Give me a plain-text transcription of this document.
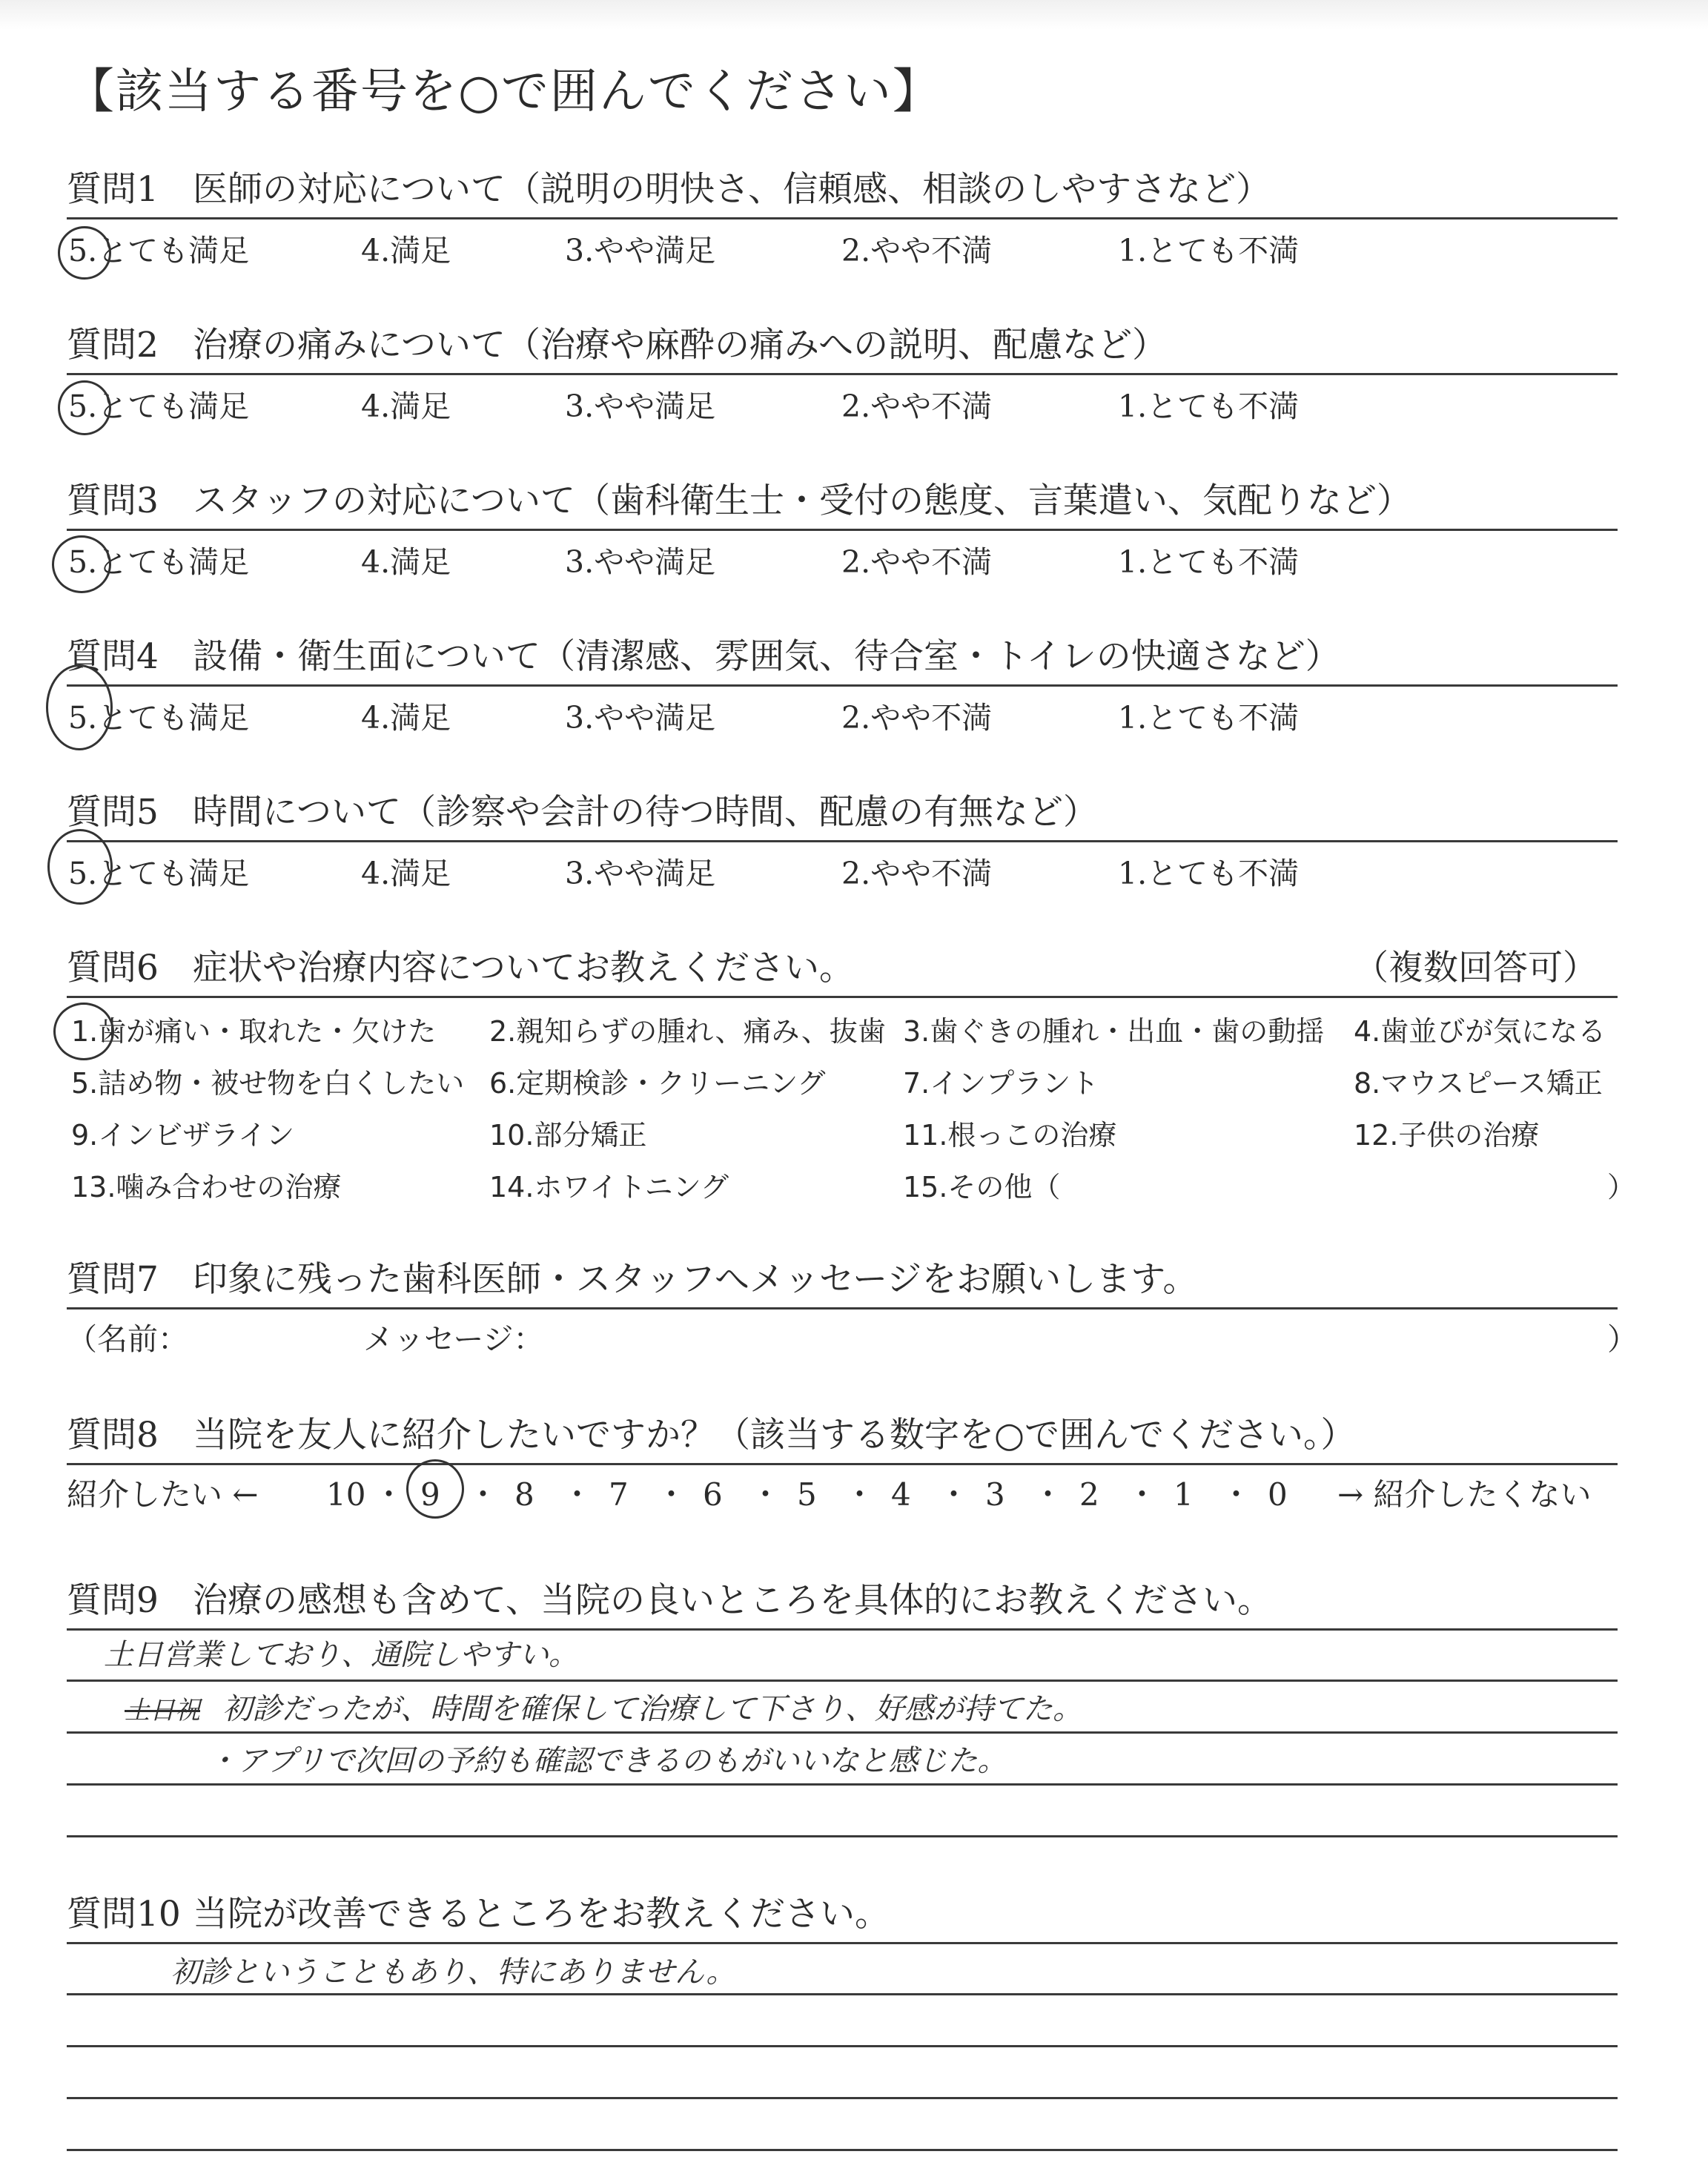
【該当する番号を○で囲んでください】
質問1 医師の対応について（説明の明快さ、信頼感、相談のしやすさなど）
5.とても満足	4.満足	3.やや満足	2.やや不満	1.とても不満
質問2 治療の痛みについて（治療や麻酔の痛みへの説明、配慮など）
5.とても満足	4.満足	3.やや満足	2.やや不満	1.とても不満
質問3 スタッフの対応について（歯科衛生士・受付の態度、言葉遣い、気配りなど）
5.とても満足	4.満足	3.やや満足	2.やや不満	1.とても不満
質問4 設備・衛生面について（清潔感、雰囲気、待合室・トイレの快適さなど）
5.とても満足	4.満足	3.やや満足	2.やや不満	1.とても不満
質問5 時間について（診察や会計の待つ時間、配慮の有無など）
5.とても満足	4.満足	3.やや満足	2.やや不満	1.とても不満
質問6 症状や治療内容についてお教えください。	（複数回答可）
1.歯が痛い・取れた・欠けた 2.親知らずの腫れ、痛み、抜歯 3.歯ぐきの腫れ・出血・歯の動揺 4.歯並びが気になる
5.詰め物・被せ物を白くしたい 6.定期検診・クリーニング	7.インプラント	8.マウスピース矯正
9.インビザライン	10.部分矯正	11.根っこの治療	12.子供の治療
13.噛み合わせの治療	14.ホワイトニング	15.その他（	）
質問7 印象に残った歯科医師・スタッフへメッセージをお願いします。
（名前：	メッセージ：	）
質問8 当院を友人に紹介したいですか？（該当する数字を○で囲んでください。）
紹介したい ←	→ 紹介したくない
10 ・ 9 ・ 8 ・ 7 ・ 6 ・ 5 ・ 4 ・ 3 ・ 2 ・ 1 ・ 0
質問9 治療の感想も含めて、当院の良いところを具体的にお教えください。
土日営業しており、通院しやすい。
土日祝 初診だったが、時間を確保して治療して下さり、好感が持てた。
・アプリで次回の予約も確認できるのもがいいなと感じた。
質問10 当院が改善できるところをお教えください。
初診ということもあり、特にありません。
